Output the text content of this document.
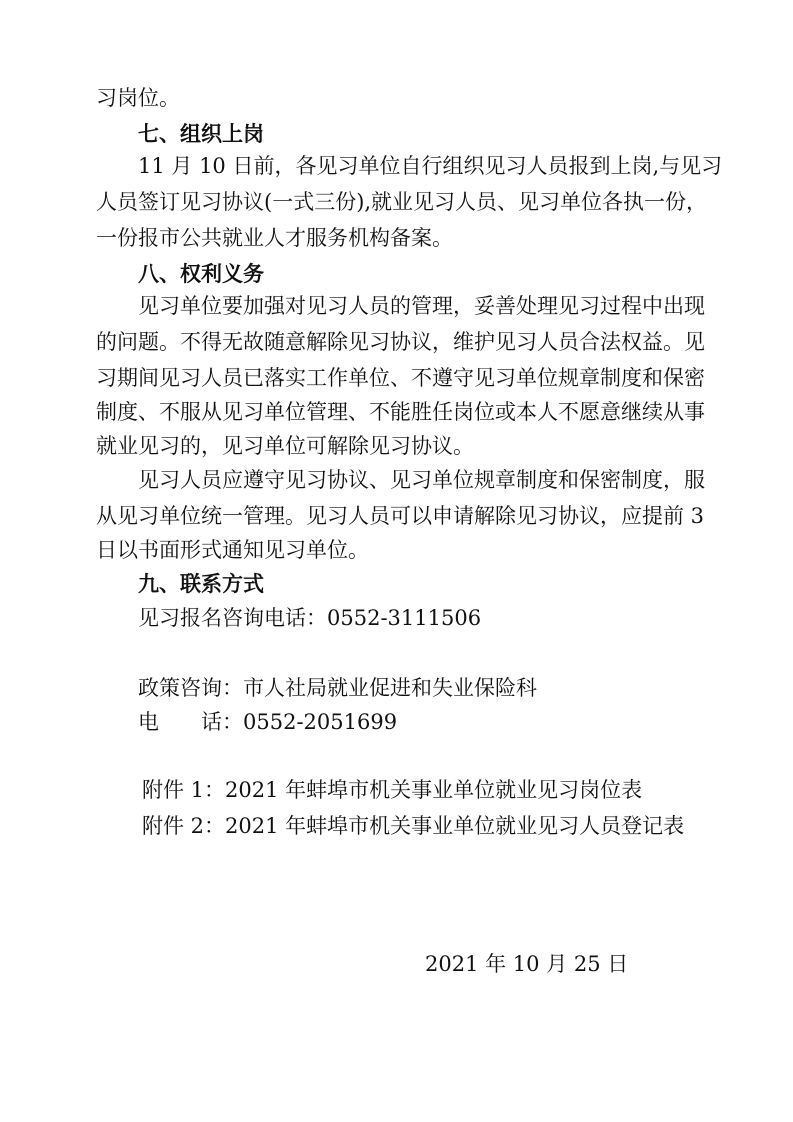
习岗位。
七、组织上岗
11 月 10 日前，各见习单位自行组织见习人员报到上岗,与见习
人员签订见习协议(一式三份),就业见习人员、见习单位各执一份，
一份报市公共就业人才服务机构备案。
八、权利义务
见习单位要加强对见习人员的管理，妥善处理见习过程中出现
的问题。不得无故随意解除见习协议，维护见习人员合法权益。见
习期间见习人员已落实工作单位、不遵守见习单位规章制度和保密
制度、不服从见习单位管理、不能胜任岗位或本人不愿意继续从事
就业见习的，见习单位可解除见习协议。
见习人员应遵守见习协议、见习单位规章制度和保密制度，服
从见习单位统一管理。见习人员可以申请解除见习协议，应提前 3
日以书面形式通知见习单位。
九、联系方式
见习报名咨询电话：0552-3111506
政策咨询：市人社局就业促进和失业保险科
电　　话：0552-2051699
附件 1：2021 年蚌埠市机关事业单位就业见习岗位表
附件 2：2021 年蚌埠市机关事业单位就业见习人员登记表
2021 年 10 月 25 日
